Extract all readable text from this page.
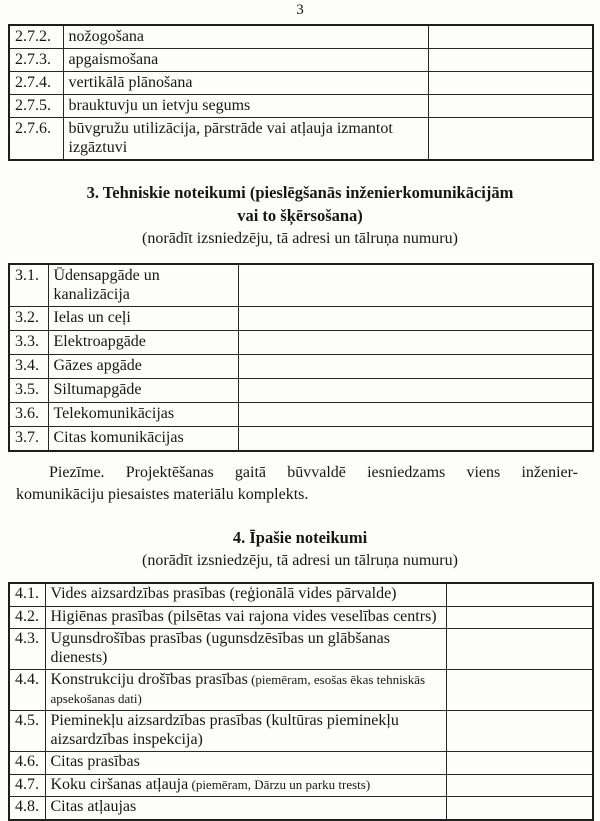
3
2.7.2.	nožogošana	
2.7.3.	apgaismošana	
2.7.4.	vertikālā plānošana	
2.7.5.	brauktuvju un ietvju segums	
2.7.6.	būvgružu utilizācija, pārstrāde vai atļauja izmantot izgāztuvi	
3. Tehniskie noteikumi (pieslēgšanās inženierkomunikācijām
vai to šķērsošana)
(norādīt izsniedzēju, tā adresi un tālruņa numuru)
3.1.	Ūdensapgāde un kanalizācija	
3.2.	Ielas un ceļi	
3.3.	Elektroapgāde	
3.4.	Gāzes apgāde	
3.5.	Siltumapgāde	
3.6.	Telekomunikācijas	
3.7.	Citas komunikācijas	
Piezīme. Projektēšanas gaitā būvvaldē iesniedzams viens inženier-
komunikāciju piesaistes materiālu komplekts.
4. Īpašie noteikumi
(norādīt izsniedzēju, tā adresi un tālruņa numuru)
4.1.	Vides aizsardzības prasības (reģionālā vides pārvalde)	
4.2.	Higiēnas prasības (pilsētas vai rajona vides veselības centrs)	
4.3.	Ugunsdrošības prasības (ugunsdzēsības un glābšanas dienests)	
4.4.	Konstrukciju drošības prasības (piemēram, esošas ēkas tehniskās apsekošanas dati)	
4.5.	Pieminekļu aizsardzības prasības (kultūras pieminekļu aizsardzības inspekcija)	
4.6.	Citas prasības	
4.7.	Koku ciršanas atļauja (piemēram, Dārzu un parku trests)	
4.8.	Citas atļaujas	
